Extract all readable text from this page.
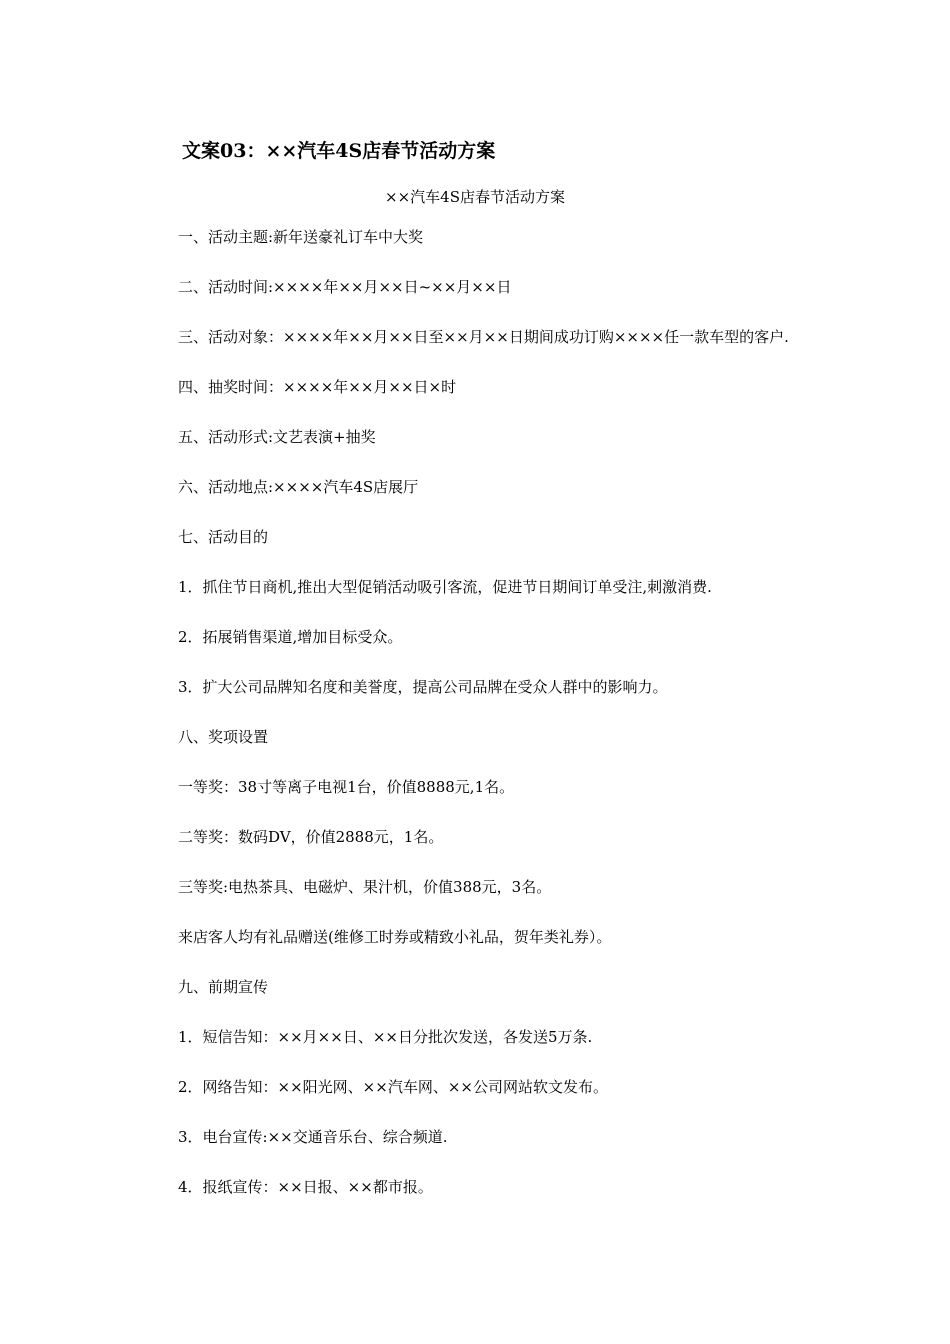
文案03：××汽车4S店春节活动方案
××汽车4S店春节活动方案
一、活动主题:新年送豪礼订车中大奖
二、活动时间:××××年××月××日~××月××日
三、活动对象：××××年××月××日至××月××日期间成功订购××××任一款车型的客户.
四、抽奖时间：××××年××月××日×时
五、活动形式:文艺表演+抽奖
六、活动地点:××××汽车4S店展厅
七、活动目的
1．抓住节日商机,推出大型促销活动吸引客流，促进节日期间订单受注,刺激消费.
2．拓展销售渠道,增加目标受众。
3．扩大公司品牌知名度和美誉度，提高公司品牌在受众人群中的影响力。
八、奖项设置
一等奖：38寸等离子电视1台，价值8888元,1名。
二等奖：数码DV，价值2888元，1名。
三等奖:电热茶具、电磁炉、果汁机，价值388元，3名。
来店客人均有礼品赠送(维修工时券或精致小礼品，贺年类礼券）。
九、前期宣传
1．短信告知：××月××日、××日分批次发送，各发送5万条.
2．网络告知：××阳光网、××汽车网、××公司网站软文发布。
3．电台宣传:××交通音乐台、综合频道.
4．报纸宣传：××日报、××都市报。
